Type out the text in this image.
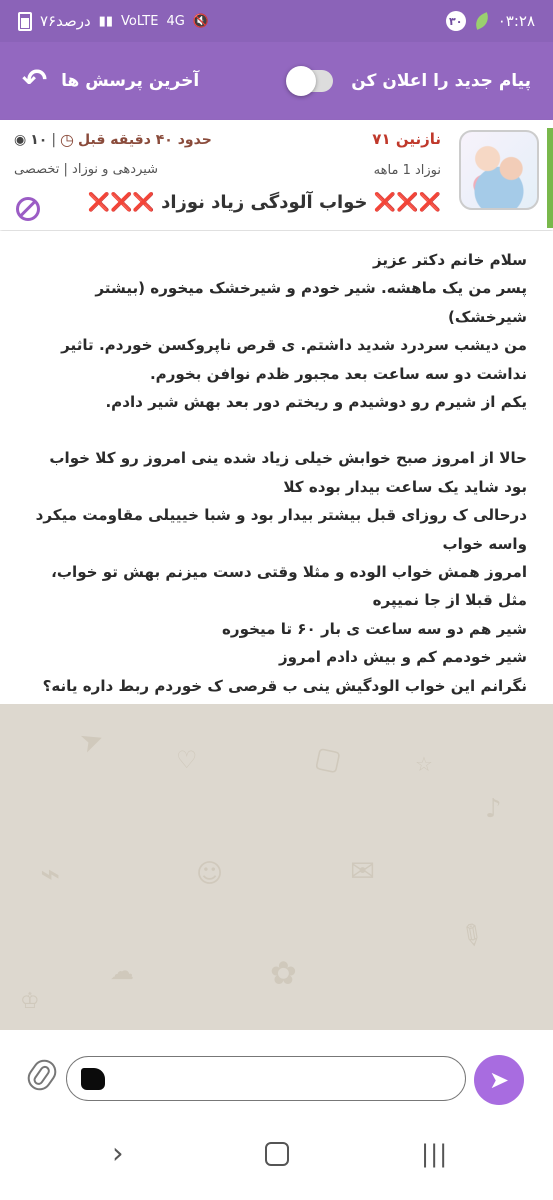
۷۶درصد ▮▮ VoLTE 4G 🔇	۳۰ ۰۳:۲۸
↶ آخرین پرسش ها	پیام جدید را اعلان کن
نازنین ۷۱
نوزاد 1 ماهه
حدود ۴۰ دقیقه قبل
◷
|
۱۰
◉
شیردهی و نوزاد | تخصصی
❌❌❌ خواب آلودگی زیاد نوزاد ❌❌❌
سلام خانم دکتر عزیز
پسر من یک ماهشه. شیر خودم و شیرخشک میخوره (بیشتر شیرخشک)
من دیشب سردرد شدید داشتم. ی قرص ناپروکسن خوردم. تاثیر نداشت دو سه ساعت بعد مجبور ظدم نوافن بخورم.
یکم از شیرم رو دوشیدم و ریختم دور بعد بهش شیر دادم.
حالا از امروز صبح خوابش خیلی زیاد شده ینی امروز رو کلا خواب بود شاید یک ساعت بیدار بوده کلا
درحالی ک روزای قبل بیشتر بیدار بود و شبا خیییلی مقاومت میکرد واسه خواب
امروز همش خواب الوده و مثلا وقتی دست میزنم بهش تو خواب، مثل قبلا از جا نمیپره
شیر هم دو سه ساعت ی بار ۶۰ تا میخوره
شیر خودمم کم و بیش دادم امروز
نگرانم این خواب الودگیش ینی ب قرصی ک خوردم ربط داره یانه؟
➤	♡	▢	☆
⌁	☺	✉
✎
☁	✿
♔
♪
➤
›	|||
